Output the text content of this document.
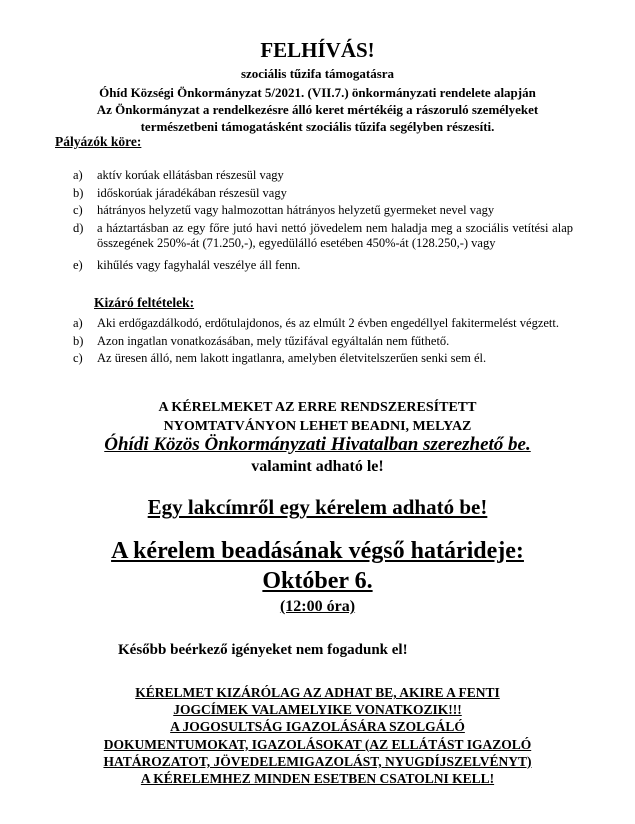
FELHÍVÁS!
szociális tűzifa támogatásra
Óhíd Községi Önkormányzat 5/2021. (VII.7.) önkormányzati rendelete alapján
Az Önkormányzat a rendelkezésre álló keret mértékéig a rászoruló személyeket
természetbeni támogatásként szociális tűzifa segélyben részesíti.
Pályázók köre:
a) aktív korúak ellátásban részesül vagy
b) időskorúak járadékában részesül vagy
c) hátrányos helyzetű vagy halmozottan hátrányos helyzetű gyermeket nevel vagy
d) a háztartásban az egy főre jutó havi nettó jövedelem nem haladja meg a szociális vetítési alap összegének 250%-át (71.250,-), egyedülálló esetében 450%-át (128.250,-) vagy
e) kihűlés vagy fagyhalál veszélye áll fenn.
Kizáró feltételek:
a) Aki erdőgazdálkodó, erdőtulajdonos, és az elmúlt 2 évben engedéllyel fakitermelést végzett.
b) Azon ingatlan vonatkozásában, mely tűzifával egyáltalán nem fűthető.
c) Az üresen álló, nem lakott ingatlanra, amelyben életvitelszerűen senki sem él.
A KÉRELMEKET AZ ERRE RENDSZERESÍTETT
NYOMTATVÁNYON LEHET BEADNI, MELYAZ
Óhídi Közös Önkormányzati Hivatalban szerezhető be.
valamint adható le!
Egy lakcímről egy kérelem adható be!
A kérelem beadásának végső határideje:
Október 6.
(12:00 óra)
Később beérkező igényeket nem fogadunk el!
KÉRELMET KIZÁRÓLAG AZ ADHAT BE, AKIRE A FENTI
JOGCÍMEK VALAMELYIKE VONATKOZIK!!!
A JOGOSULTSÁG IGAZOLÁSÁRA SZOLGÁLÓ
DOKUMENTUMOKAT, IGAZOLÁSOKAT (AZ ELLÁTÁST IGAZOLÓ
HATÁROZATOT, JÖVEDELEMIGAZOLÁST, NYUGDÍJSZELVÉNYT)
A KÉRELEMHEZ MINDEN ESETBEN CSATOLNI KELL!
